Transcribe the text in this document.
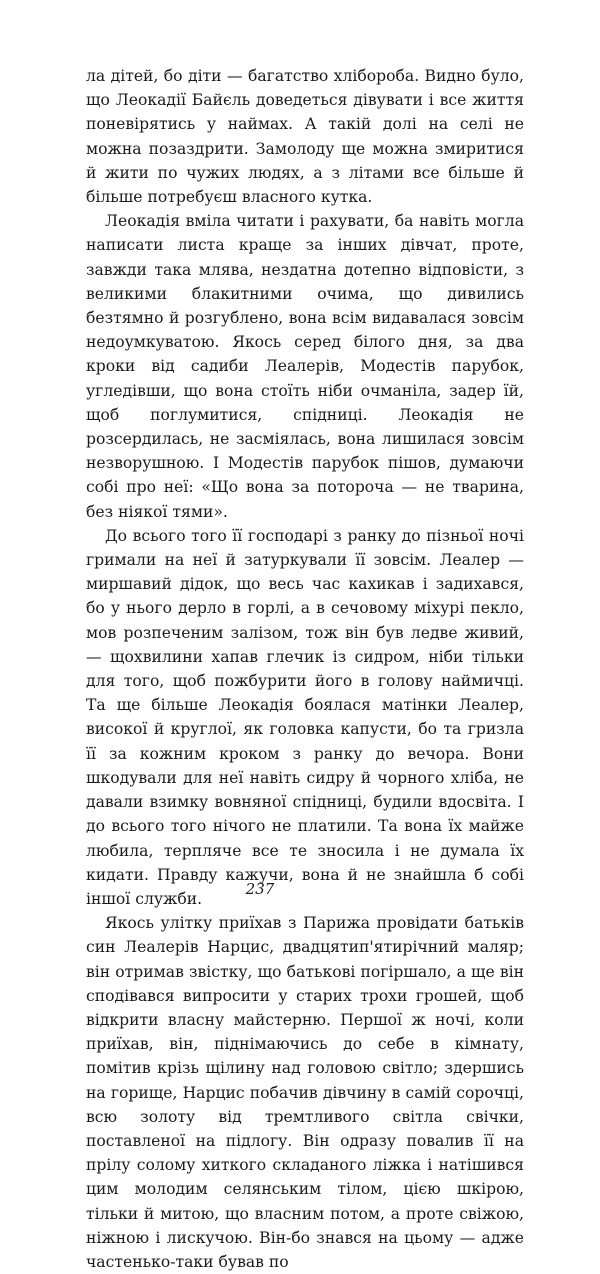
ла дітей, бо діти — багатство хлібороба. Видно було, що Леокадії Байєль доведеться дівувати і все життя поневірятись у наймах. А такій долі на селі не можна позаздрити. Замолоду ще можна змиритися й жити по чужих людях, а з літами все більше й більше потребуєш власного кутка.

Леокадія вміла читати і рахувати, ба навіть могла написати листа краще за інших дівчат, проте, завжди така млява, нездатна дотепно відповісти, з великими блакитними очима, що дивились безтямно й розгублено, вона всім видавалася зовсім недоумкуватою. Якось серед білого дня, за два кроки від садиби Леалерів, Модестів парубок, угледівши, що вона стоїть ніби очманіла, задер їй, щоб поглумитися, спідниці. Леокадія не розсердилась, не засміялась, вона лишилася зовсім незворушною. І Модестів парубок пішов, думаючи собі про неї: «Що вона за поторочa — не тварина, без ніякої тями».

До всього того її господарі з ранку до пізньої ночі гримали на неї й затуркували її зовсім. Леалер — миршавий дідок, що весь час кахикав і задихався, бо у нього дерло в горлі, а в сечовому міхурі пекло, мов розпеченим залізом, тож він був ледве живий,— щохвилини хапав глечик із сидром, ніби тільки для того, щоб пожбурити його в голову наймичці. Та ще більше Леокадія боялася матінки Леалер, високої й круглої, як головка капусти, бо та гризла її за кожним кроком з ранку до вечора. Вони шкодували для неї навіть сидру й чорного хліба, не давали взимку вовняної спідниці, будили вдосвіта. І до всього того нічого не платили. Та вона їх майже любила, терпляче все те зносила і не думала їх кидати. Правду кажучи, вона й не знайшла б собі іншої служби.

Якось улітку приїхав з Парижа провідати батьків син Леалерів Нарцис, двадцятип'ятирічний маляр; він отримав звістку, що батькові погіршало, а ще він сподівався випросити у старих трохи грошей, щоб відкрити власну майстерню. Першої ж ночі, коли приїхав, він, піднімаючись до себе в кімнату, помітив крізь щілину над головою світло; здершись на горище, Нарцис побачив дівчину в самій сорочці, всю золоту від тремтливого світла свічки, поставленої на підлогу. Він одразу повалив її на прілу солому хиткого складаного ліжка і натішився цим молодим селянським тілом, цією шкірою, тільки й митою, що власним потом, а проте свіжою, ніжною і лискучою. Він-бо знався на цьому — адже частенько-таки бував по

237
